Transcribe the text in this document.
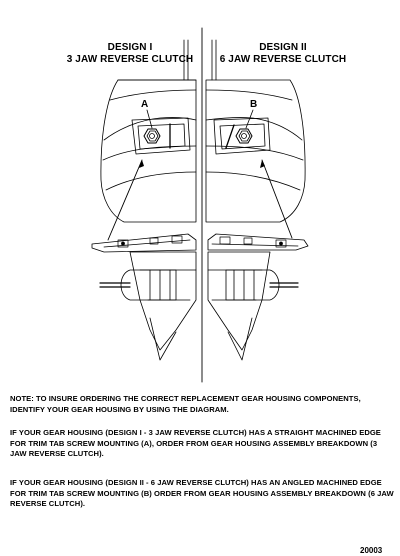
DESIGN I
3 JAW REVERSE CLUTCH
DESIGN II
6 JAW REVERSE CLUTCH
A	B
NOTE: TO INSURE ORDERING THE CORRECT REPLACEMENT GEAR HOUSING COMPONENTS, IDENTIFY YOUR GEAR HOUSING BY USING THE DIAGRAM.
IF YOUR GEAR HOUSING (DESIGN I - 3 JAW REVERSE CLUTCH) HAS A STRAIGHT MACHINED EDGE FOR TRIM TAB SCREW MOUNTING (A), ORDER FROM GEAR HOUSING ASSEMBLY BREAKDOWN (3 JAW REVERSE CLUTCH).
IF YOUR GEAR HOUSING (DESIGN II - 6 JAW REVERSE CLUTCH) HAS AN ANGLED MACHINED EDGE FOR TRIM TAB SCREW MOUNTING (B) ORDER FROM GEAR HOUSING ASSEMBLY BREAKDOWN (6 JAW REVERSE CLUTCH).
20003
